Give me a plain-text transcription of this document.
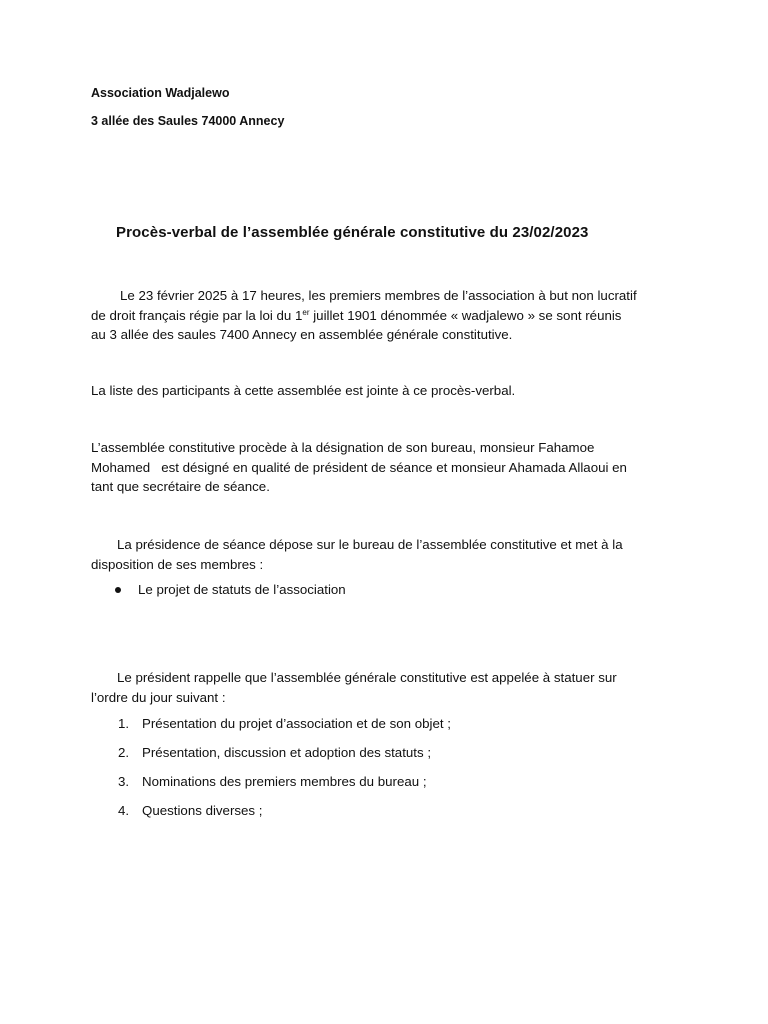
Association Wadjalewo
3 allée des Saules 74000 Annecy
Procès-verbal de l’assemblée générale constitutive du 23/02/2023
Le 23 février 2025 à 17 heures, les premiers membres de l’association à but non lucratif
de droit français régie par la loi du 1er juillet 1901 dénommée « wadjalewo » se sont réunis
au 3 allée des saules 7400 Annecy en assemblée générale constitutive.
La liste des participants à cette assemblée est jointe à ce procès-verbal.
L’assemblée constitutive procède à la désignation de son bureau, monsieur Fahamoe
Mohamed   est désigné en qualité de président de séance et monsieur Ahamada Allaoui en
tant que secrétaire de séance.
La présidence de séance dépose sur le bureau de l’assemblée constitutive et met à la
disposition de ses membres :
Le projet de statuts de l’association
Le président rappelle que l’assemblée générale constitutive est appelée à statuer sur
l’ordre du jour suivant :
1. Présentation du projet d’association et de son objet ;
2. Présentation, discussion et adoption des statuts ;
3. Nominations des premiers membres du bureau ;
4. Questions diverses ;
